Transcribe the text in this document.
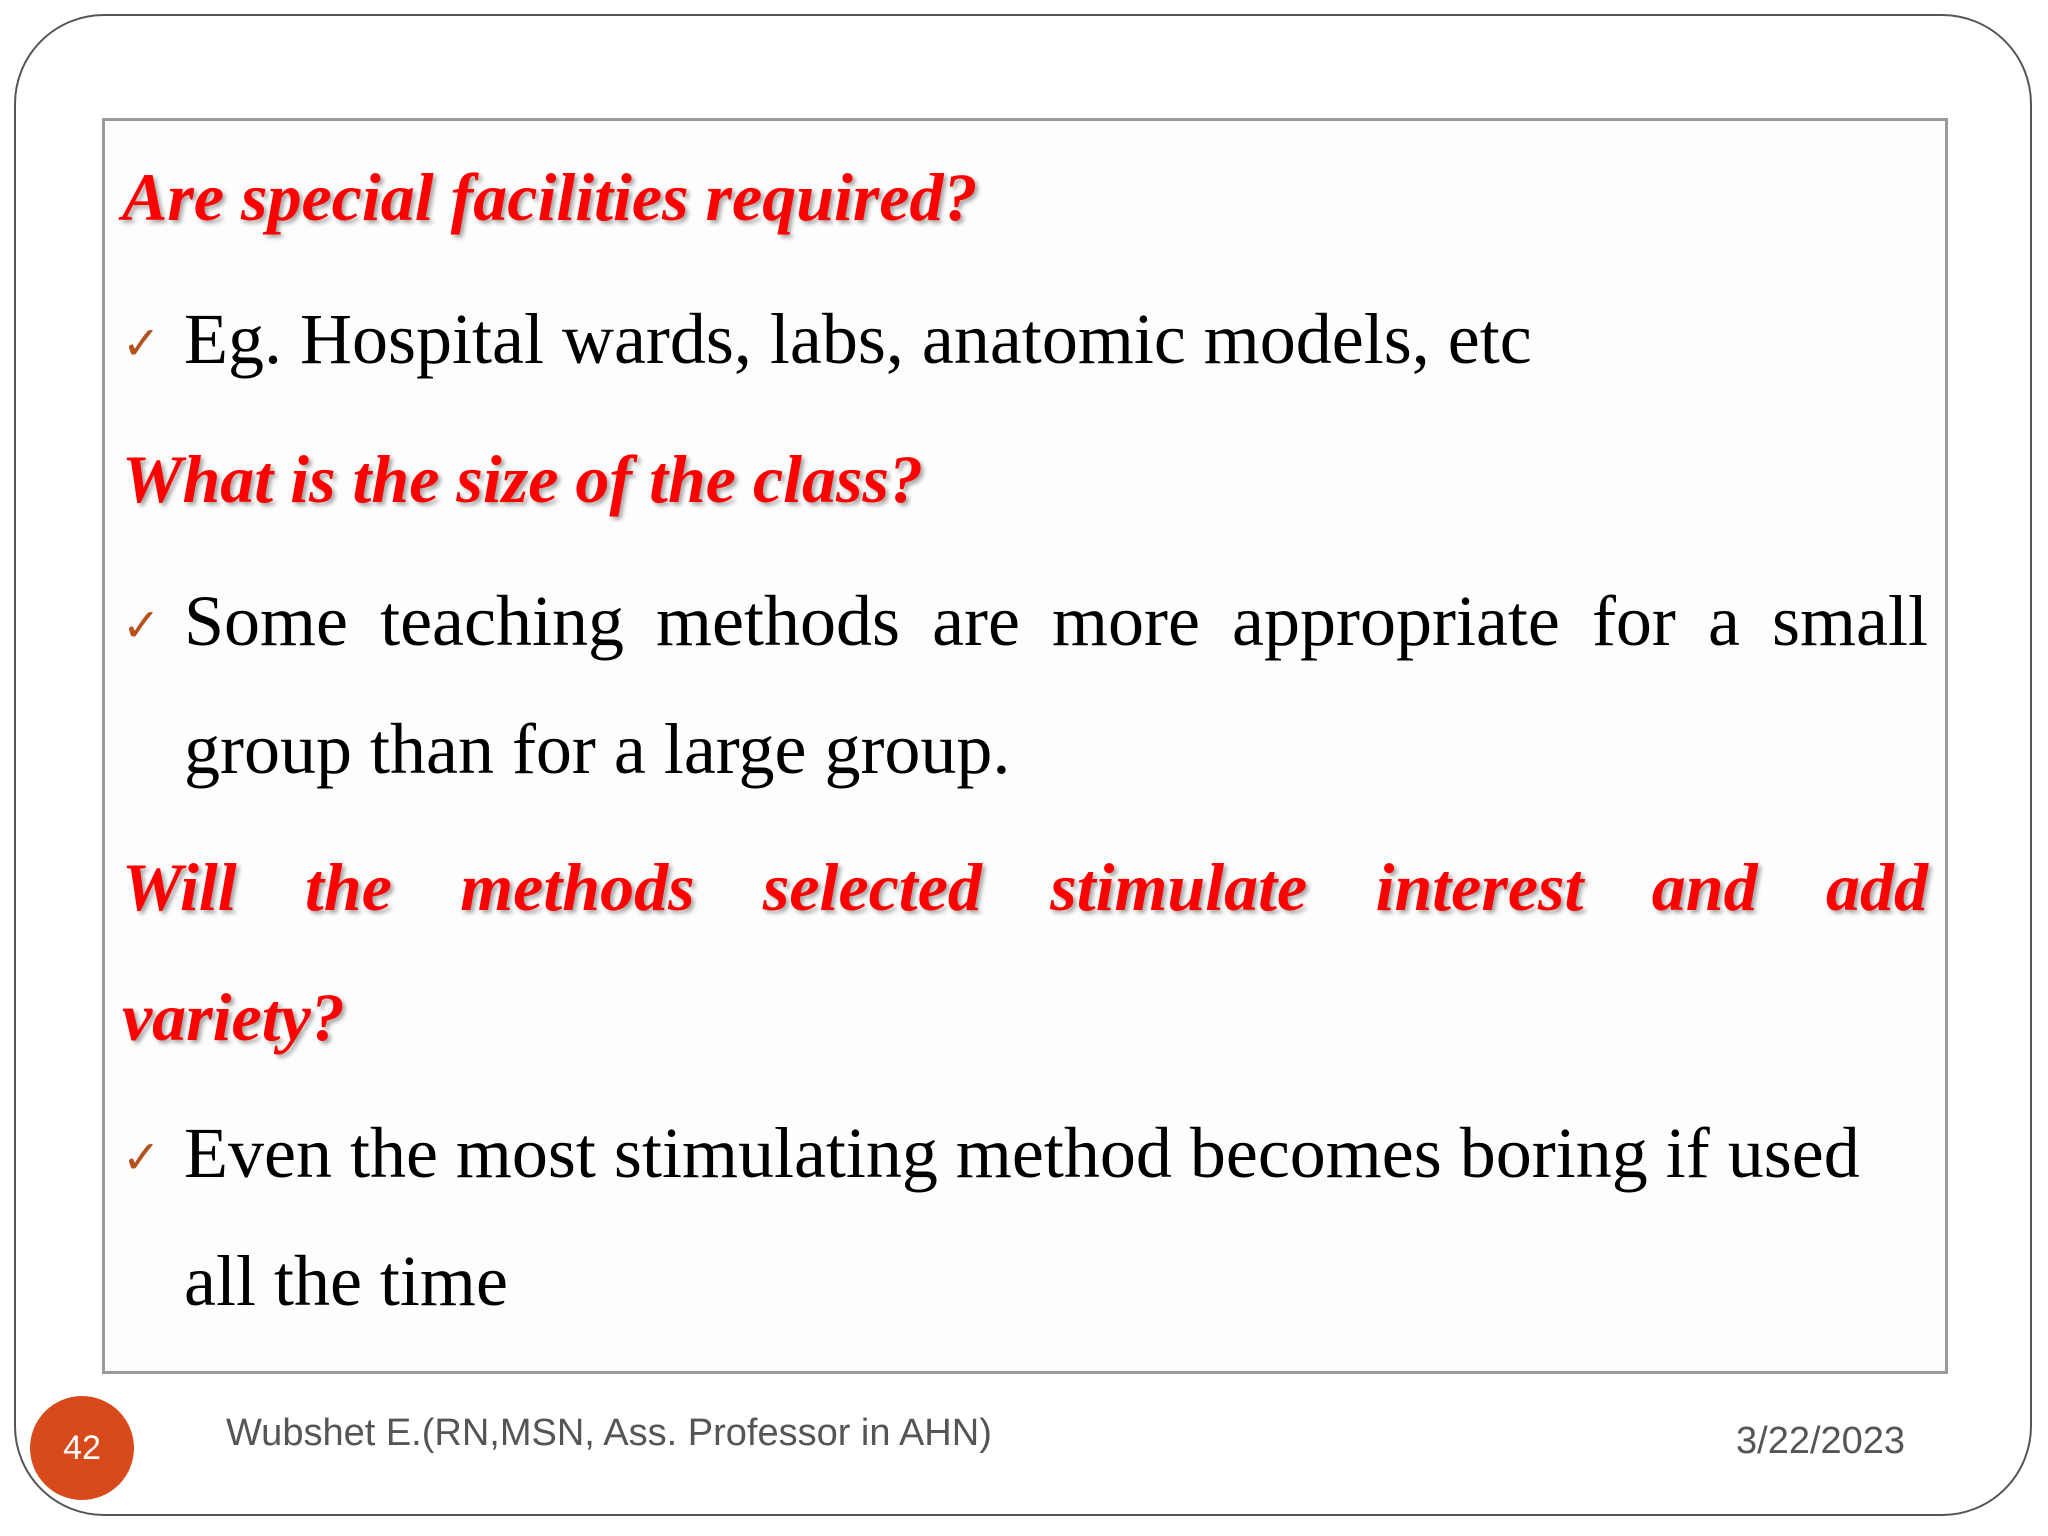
Are special facilities required?
✓ Eg. Hospital wards, labs, anatomic models, etc
What is the size of the class?
✓ Some teaching methods are more appropriate for a small
group than for a large group.
Will the methods selected stimulate interest and add
variety?
✓ Even the most stimulating method becomes boring if used
all the time
42	Wubshet E.(RN,MSN, Ass. Professor in AHN)	3/22/2023
